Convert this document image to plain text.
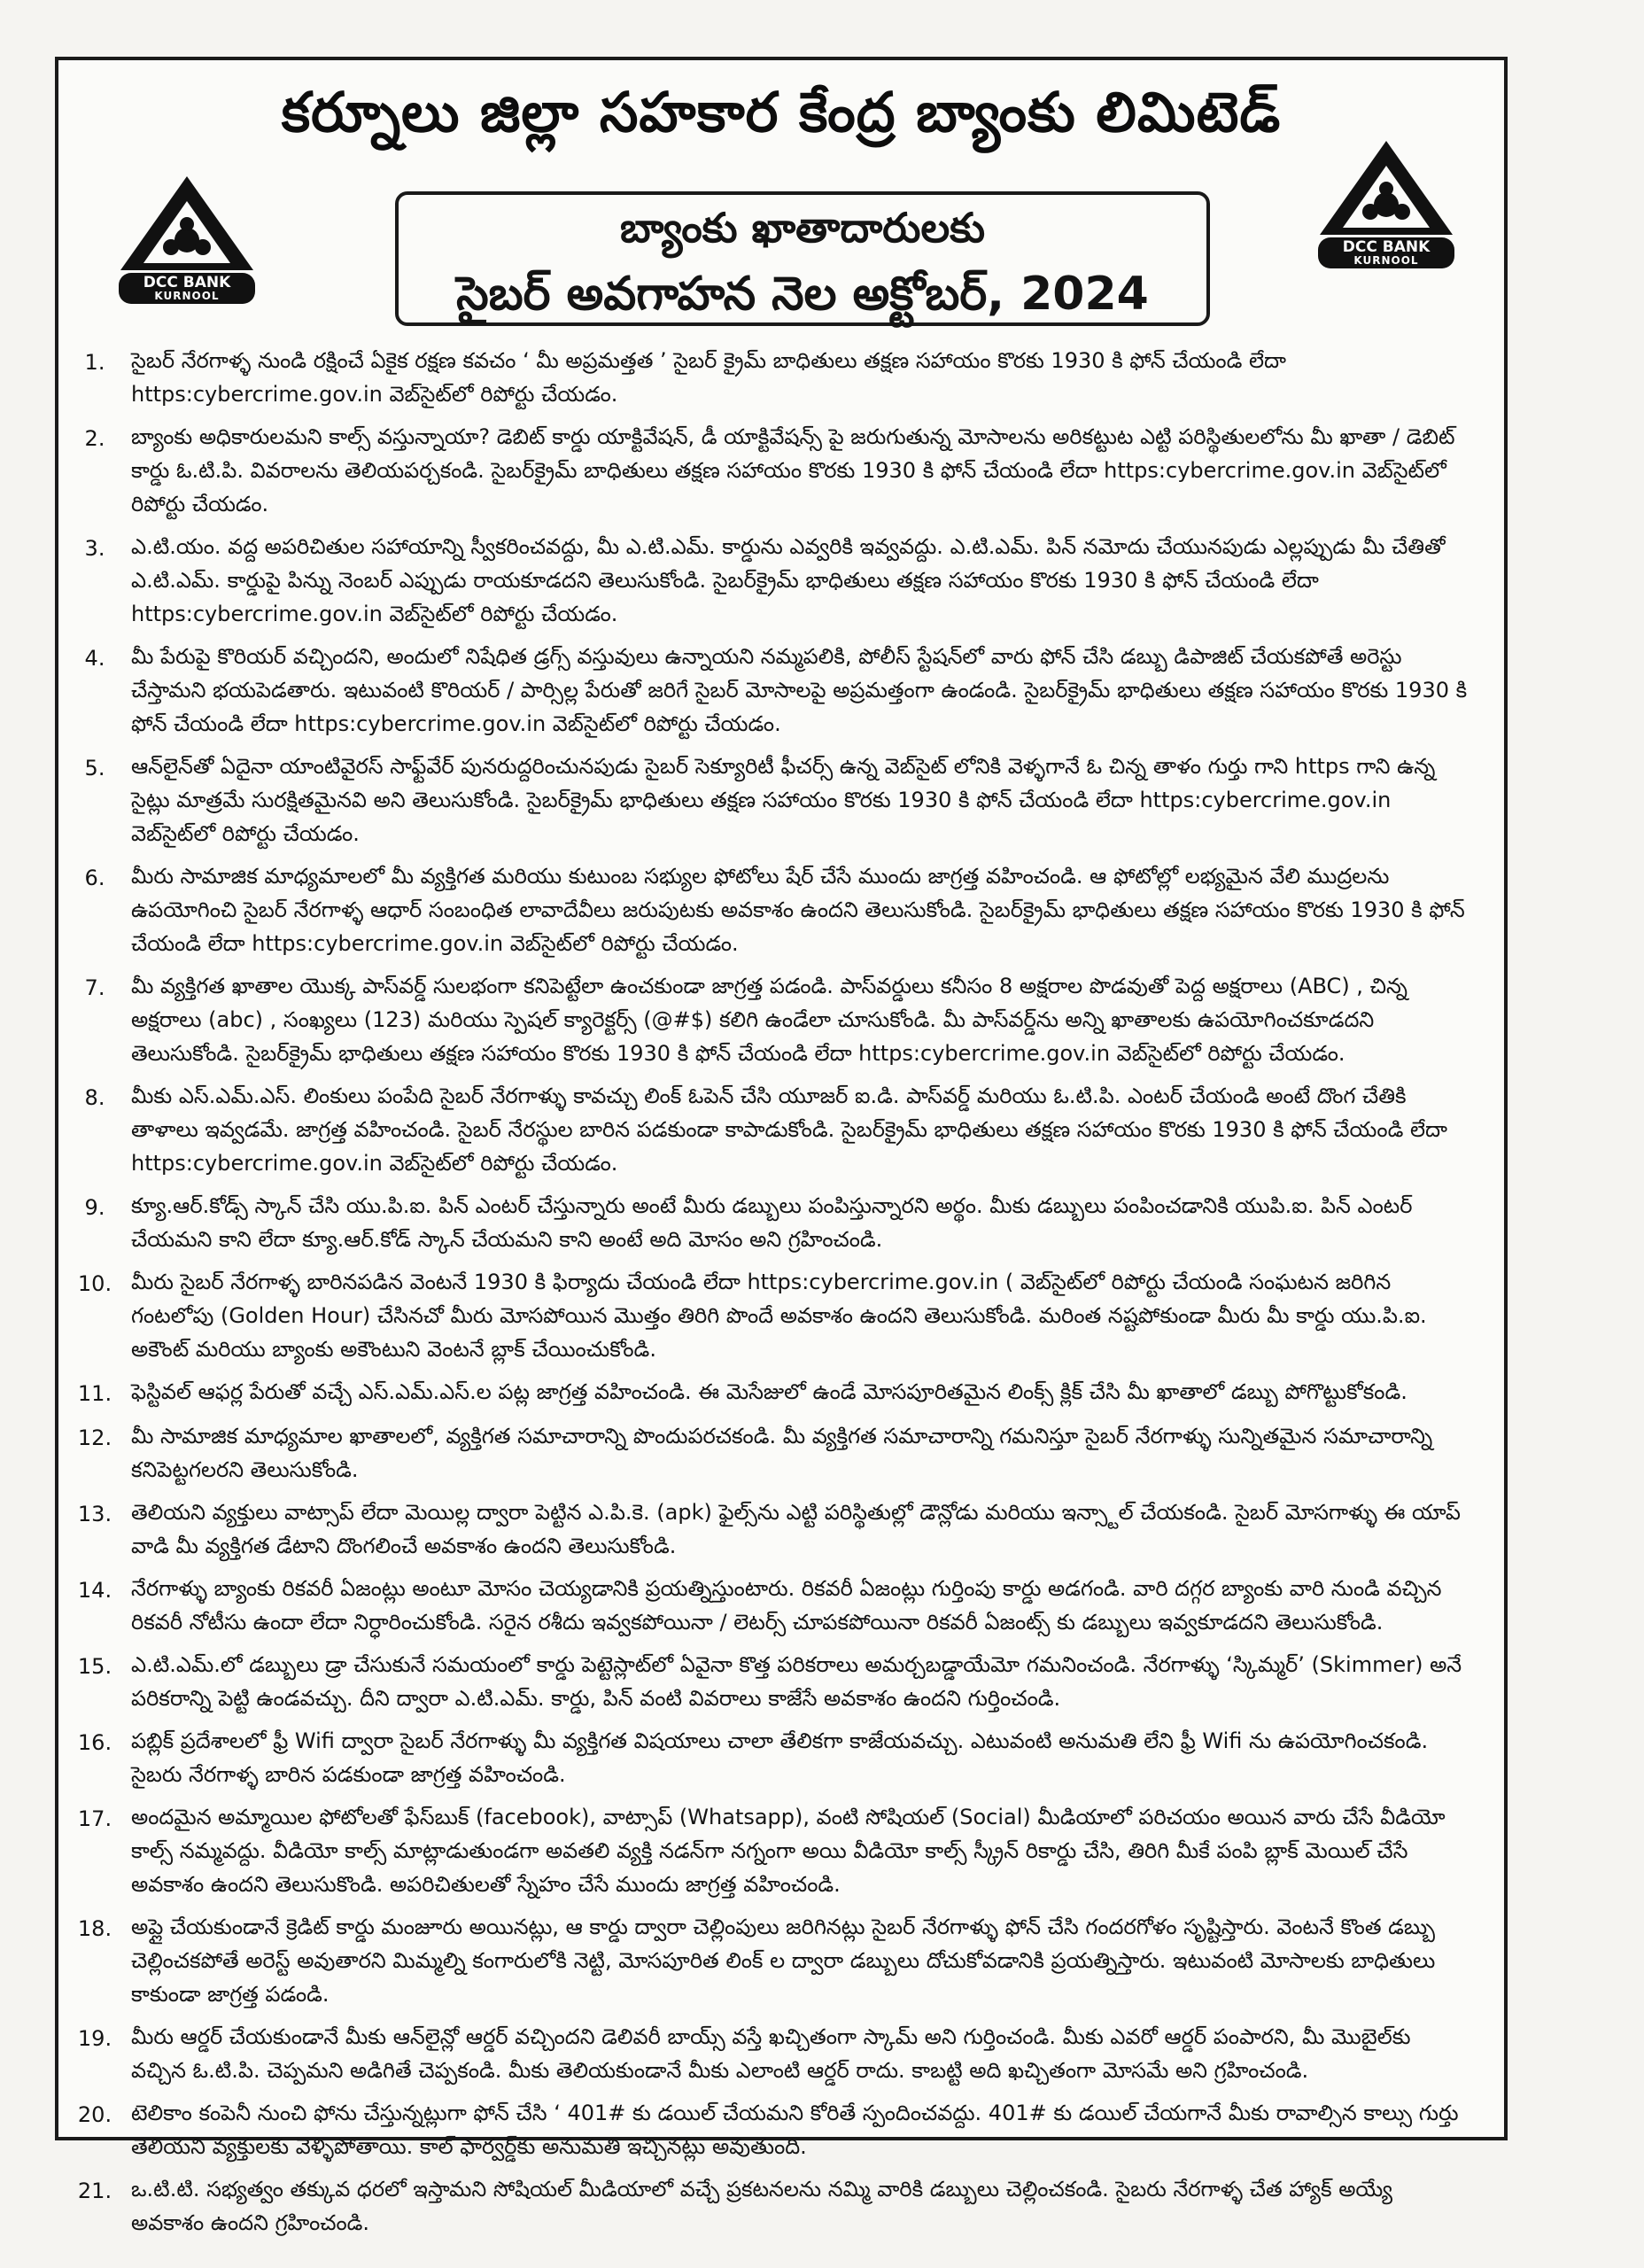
DCC BANK
KURNOOL
కర్నూలు జిల్లా సహకార కేంద్ర బ్యాంకు లిమిటెడ్
బ్యాంకు ఖాతాదారులకు
సైబర్ అవగాహన నెల అక్టోబర్, 2024
DCC BANK
KURNOOL
1.	సైబర్ నేరగాళ్ళ నుండి రక్షించే ఏకైక రక్షణ కవచం ‘ మీ అప్రమత్తత ’ సైబర్ క్రైమ్ బాధితులు తక్షణ సహాయం కొరకు 1930 కి ఫోన్ చేయండి లేదా https:cybercrime.gov.in వెబ్‌సైట్‌లో రిపోర్టు చేయడం.
2.	బ్యాంకు అధికారులమని కాల్స్ వస్తున్నాయా? డెబిట్ కార్డు యాక్టివేషన్, డీ యాక్టివేషన్స్ పై జరుగుతున్న మోసాలను అరికట్టుట ఎట్టి పరిస్థితులలోను మీ ఖాతా / డెబిట్ కార్డు ఓ.టి.పి. వివరాలను తెలియపర్చకండి. సైబర్‌క్రైమ్ బాధితులు తక్షణ సహాయం కొరకు 1930 కి ఫోన్ చేయండి లేదా https:cybercrime.gov.in వెబ్‌సైట్‌లో రిపోర్టు చేయడం.
3.	ఎ.టి.యం. వద్ద అపరిచితుల సహాయాన్ని స్వీకరించవద్దు, మీ ఎ.టి.ఎమ్. కార్డును ఎవ్వరికి ఇవ్వవద్దు. ఎ.టి.ఎమ్. పిన్ నమోదు చేయునపుడు ఎల్లప్పుడు మీ చేతితో ఎ.టి.ఎమ్. కార్డుపై పిన్ను నెంబర్ ఎప్పుడు రాయకూడదని తెలుసుకోండి. సైబర్‌క్రైమ్ భాధితులు తక్షణ సహాయం కొరకు 1930 కి ఫోన్ చేయండి లేదా https:cybercrime.gov.in వెబ్‌సైట్‌లో రిపోర్టు చేయడం.
4.	మీ పేరుపై కొరియర్ వచ్చిందని, అందులో నిషేధిత డ్రగ్స్ వస్తువులు ఉన్నాయని నమ్మపలికి, పోలీస్ స్టేషన్‌లో వారు ఫోన్ చేసి డబ్బు డిపాజిట్ చేయకపోతే అరెస్టు చేస్తామని భయపెడతారు. ఇటువంటి కొరియర్ / పార్సిల్ల పేరుతో జరిగే సైబర్ మోసాలపై అప్రమత్తంగా ఉండండి. సైబర్‌క్రైమ్ భాధితులు తక్షణ సహాయం కొరకు 1930 కి ఫోన్ చేయండి లేదా https:cybercrime.gov.in వెబ్‌సైట్‌లో రిపోర్టు చేయడం.
5.	ఆన్‌లైన్‌తో ఏదైనా యాంటివైరస్ సాఫ్ట్‌వేర్ పునరుద్దరించునపుడు సైబర్ సెక్యూరిటీ ఫీచర్స్ ఉన్న వెబ్‌సైట్ లోనికి వెళ్ళగానే ఓ చిన్న తాళం గుర్తు గాని https గాని ఉన్న సైట్లు మాత్రమే సురక్షితమైనవి అని తెలుసుకోండి. సైబర్‌క్రైమ్ భాధితులు తక్షణ సహాయం కొరకు 1930 కి ఫోన్ చేయండి లేదా https:cybercrime.gov.in వెబ్‌సైట్‌లో రిపోర్టు చేయడం.
6.	మీరు సామాజిక మాధ్యమాలలో మీ వ్యక్తిగత మరియు కుటుంబ సభ్యుల ఫోటోలు షేర్ చేసే ముందు జాగ్రత్త వహించండి. ఆ ఫోటోల్లో లభ్యమైన వేలి ముద్రలను ఉపయోగించి సైబర్ నేరగాళ్ళ ఆధార్ సంబంధిత లావాదేవీలు జరుపుటకు అవకాశం ఉందని తెలుసుకోండి. సైబర్‌క్రైమ్ భాధితులు తక్షణ సహాయం కొరకు 1930 కి ఫోన్ చేయండి లేదా https:cybercrime.gov.in వెబ్‌సైట్‌లో రిపోర్టు చేయడం.
7.	మీ వ్యక్తిగత ఖాతాల యొక్క పాస్‌వర్డ్ సులభంగా కనిపెట్టేలా ఉంచకుండా జాగ్రత్త పడండి. పాస్‌వర్డులు కనీసం 8 అక్షరాల పొడవుతో పెద్ద అక్షరాలు (ABC) , చిన్న అక్షరాలు (abc) , సంఖ్యలు (123) మరియు స్పెషల్ క్యారెక్టర్స్ (@#$) కలిగి ఉండేలా చూసుకోండి. మీ పాస్‌వర్డ్‌ను అన్ని ఖాతాలకు ఉపయోగించకూడదని తెలుసుకోండి. సైబర్‌క్రైమ్ భాధితులు తక్షణ సహాయం కొరకు 1930 కి ఫోన్ చేయండి లేదా https:cybercrime.gov.in వెబ్‌సైట్‌లో రిపోర్టు చేయడం.
8.	మీకు ఎస్.ఎమ్.ఎస్. లింకులు పంపేది సైబర్ నేరగాళ్ళు కావచ్చు లింక్ ఓపెన్ చేసి యూజర్ ఐ.డి. పాస్‌వర్డ్ మరియు ఓ.టి.పి. ఎంటర్ చేయండి అంటే దొంగ చేతికి తాళాలు ఇవ్వడమే. జాగ్రత్త వహించండి. సైబర్ నేరస్థుల బారిన పడకుండా కాపాడుకోండి. సైబర్‌క్రైమ్ భాధితులు తక్షణ సహాయం కొరకు 1930 కి ఫోన్ చేయండి లేదా https:cybercrime.gov.in వెబ్‌సైట్‌లో రిపోర్టు చేయడం.
9.	క్యూ.ఆర్.కోడ్స్ స్కాన్ చేసి యు.పి.ఐ. పిన్ ఎంటర్ చేస్తున్నారు అంటే మీరు డబ్బులు పంపిస్తున్నారని అర్థం. మీకు డబ్బులు పంపించడానికి యుపి.ఐ. పిన్ ఎంటర్ చేయమని కాని లేదా క్యూ.ఆర్.కోడ్ స్కాన్ చేయమని కాని అంటే అది మోసం అని గ్రహించండి.
10. మీరు సైబర్ నేరగాళ్ళ బారినపడిన వెంటనే 1930 కి ఫిర్యాదు చేయండి లేదా https:cybercrime.gov.in ( వెబ్‌సైట్‌లో రిపోర్టు చేయండి సంఘటన జరిగిన గంటలోపు (Golden Hour) చేసినచో మీరు మోసపోయిన మొత్తం తిరిగి పొందే అవకాశం ఉందని తెలుసుకోండి. మరింత నష్టపోకుండా మీరు మీ కార్డు యు.పి.ఐ. అకౌంట్ మరియు బ్యాంకు అకౌంటుని వెంటనే బ్లాక్ చేయించుకోండి.
11. ఫెస్టివల్ ఆఫర్ల పేరుతో వచ్చే ఎస్.ఎమ్.ఎస్.ల పట్ల జాగ్రత్త వహించండి. ఈ మెసేజులో ఉండే మోసపూరితమైన లింక్స్ క్లిక్ చేసి మీ ఖాతాలో డబ్బు పోగొట్టుకోకండి.
12. మీ సామాజిక మాధ్యమాల ఖాతాలలో, వ్యక్తిగత సమాచారాన్ని పొందుపరచకండి. మీ వ్యక్తిగత సమాచారాన్ని గమనిస్తూ సైబర్ నేరగాళ్ళు సున్నితమైన సమాచారాన్ని కనిపెట్టగలరని తెలుసుకోండి.
13. తెలియని వ్యక్తులు వాట్సాప్ లేదా మెయిల్ల ద్వారా పెట్టిన ఎ.పి.కె. (apk) ఫైల్స్‌ను ఎట్టి పరిస్థితుల్లో డౌన్లోడు మరియు ఇన్స్టాల్ చేయకండి. సైబర్ మోసగాళ్ళు ఈ యాప్ వాడి మీ వ్యక్తిగత డేటాని దొంగలించే అవకాశం ఉందని తెలుసుకోండి.
14. నేరగాళ్ళు బ్యాంకు రికవరీ ఏజంట్లు అంటూ మోసం చెయ్యడానికి ప్రయత్నిస్తుంటారు. రికవరీ ఏజంట్లు గుర్తింపు కార్డు అడగండి. వారి దగ్గర బ్యాంకు వారి నుండి వచ్చిన రికవరీ నోటీసు ఉందా లేదా నిర్ధారించుకోండి. సరైన రశీదు ఇవ్వకపోయినా / లెటర్స్ చూపకపోయినా రికవరీ ఏజంట్స్ కు డబ్బులు ఇవ్వకూడదని తెలుసుకోండి.
15. ఎ.టి.ఎమ్.లో డబ్బులు డ్రా చేసుకునే సమయంలో కార్డు పెట్టెస్లాట్‌లో ఏవైనా కొత్త పరికరాలు అమర్చబడ్డాయేమో గమనించండి. నేరగాళ్ళు ‘స్కిమ్మర్’ (Skimmer) అనే పరికరాన్ని పెట్టి ఉండవచ్చు. దీని ద్వారా ఎ.టి.ఎమ్. కార్డు, పిన్ వంటి వివరాలు కాజేసే అవకాశం ఉందని గుర్తించండి.
16. పబ్లిక్ ప్రదేశాలలో ఫ్రీ Wifi ద్వారా సైబర్ నేరగాళ్ళు మీ వ్యక్తిగత విషయాలు చాలా తేలికగా కాజేయవచ్చు. ఎటువంటి అనుమతి లేని ఫ్రీ Wifi ను ఉపయోగించకండి. సైబరు నేరగాళ్ళ బారిన పడకుండా జాగ్రత్త వహించండి.
17. అందమైన అమ్మాయిల ఫోటోలతో ఫేస్‌బుక్ (facebook), వాట్సాప్ (Whatsapp), వంటి సోషియల్ (Social) మీడియాలో పరిచయం అయిన వారు చేసే వీడియో కాల్స్ నమ్మవద్దు. వీడియో కాల్స్ మాట్లాడుతుండగా అవతలి వ్యక్తి నడన్‌గా నగ్నంగా అయి వీడియో కాల్స్ స్క్రీన్ రికార్డు చేసి, తిరిగి మీకే పంపి బ్లాక్ మెయిల్ చేసే అవకాశం ఉందని తెలుసుకొండి. అపరిచితులతో స్నేహం చేసే ముందు జాగ్రత్త వహించండి.
18. అప్లై చేయకుండానే క్రెడిట్ కార్డు మంజూరు అయినట్లు, ఆ కార్డు ద్వారా చెల్లింపులు జరిగినట్లు సైబర్ నేరగాళ్ళు ఫోన్ చేసి గందరగోళం సృష్టిస్తారు. వెంటనే కొంత డబ్బు చెల్లించకపోతే అరెస్ట్ అవుతారని మిమ్మల్ని కంగారులోకి నెట్టి, మోసపూరిత లింక్ ల ద్వారా డబ్బులు దోచుకోవడానికి ప్రయత్నిస్తారు. ఇటువంటి మోసాలకు బాధితులు కాకుండా జాగ్రత్త పడండి.
19. మీరు ఆర్డర్ చేయకుండానే మీకు ఆన్‌లైన్లో ఆర్డర్ వచ్చిందని డెలివరీ బాయ్స్ వస్తే ఖచ్చితంగా స్కామ్ అని గుర్తించండి. మీకు ఎవరో ఆర్డర్ పంపారని, మీ మొబైల్‌కు వచ్చిన ఓ.టి.పి. చెప్పమని అడిగితే చెప్పకండి. మీకు తెలియకుండానే మీకు ఎలాంటి ఆర్డర్ రాదు. కాబట్టి అది ఖచ్చితంగా మోసమే అని గ్రహించండి.
20. టెలికాం కంపెనీ నుంచి ఫోను చేస్తున్నట్లుగా ఫోన్ చేసి ‘ 401# కు డయిల్ చేయమని కోరితే స్పందించవద్దు. 401# కు డయిల్ చేయగానే మీకు రావాల్సిన కాల్సు గుర్తు తెలియని వ్యక్తులకు వెళ్ళిపోతాయి. కాల్ ఫార్వర్డ్‌కు అనుమతి ఇచ్చినట్లు అవుతుంది.
21. ఒ.టి.టి. సభ్యత్వం తక్కువ ధరలో ఇస్తామని సోషియల్ మీడియాలో వచ్చే ప్రకటనలను నమ్మి వారికి డబ్బులు చెల్లించకండి. సైబరు నేరగాళ్ళ చేత హ్యాక్ అయ్యే అవకాశం ఉందని గ్రహించండి.
